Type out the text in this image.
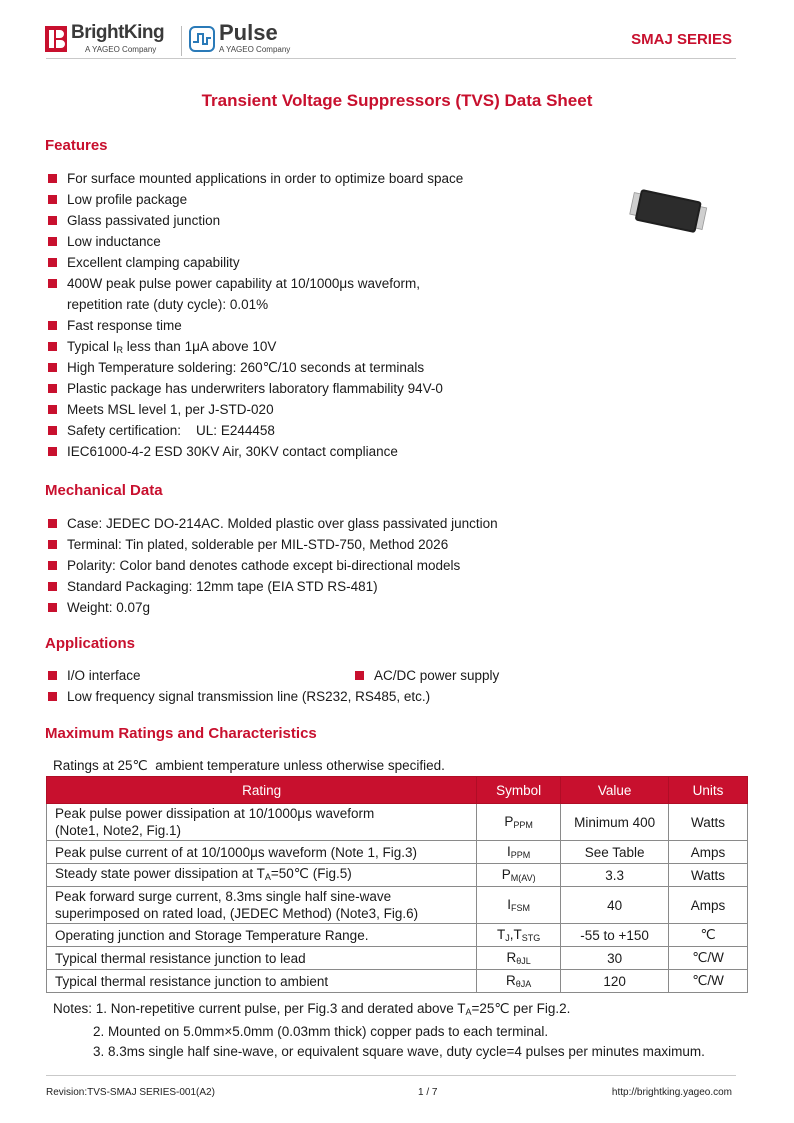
BrightKing
A YAGEO Company
Pulse
A YAGEO Company
SMAJ SERIES
Transient Voltage Suppressors (TVS) Data Sheet
Features
For surface mounted applications in order to optimize board space
Low profile package
Glass passivated junction
Low inductance
Excellent clamping capability
400W peak pulse power capability at 10/1000μs waveform,
repetition rate (duty cycle): 0.01%
Fast response time
Typical $I_R$ less than 1μA above 10V
High Temperature soldering: 260℃/10 seconds at terminals
Plastic package has underwriters laboratory flammability 94V-0
Meets MSL level 1, per J-STD-020
Safety certification:    UL: E244458
IEC61000-4-2 ESD 30KV Air, 30KV contact compliance
Mechanical Data
Case: JEDEC DO-214AC. Molded plastic over glass passivated junction
Terminal: Tin plated, solderable per MIL-STD-750, Method 2026
Polarity: Color band denotes cathode except bi-directional models
Standard Packaging: 12mm tape (EIA STD RS-481)
Weight: 0.07g
Applications
I/O interface	AC/DC power supply
Low frequency signal transmission line (RS232, RS485, etc.)
Maximum Ratings and Characteristics
Ratings at 25℃  ambient temperature unless otherwise specified.
Rating	Symbol	Value	Units
Peak pulse power dissipation at 10/1000μs waveform
(Note1, Note2, Fig.1)	$P_{PPM}$	Minimum 400	Watts
Peak pulse current of at 10/1000μs waveform (Note 1, Fig.3)	$I_{PPM}$	See Table	Amps
Steady state power dissipation at $T_A=50℃$ (Fig.5)	$P_{M(AV)}$	3.3	Watts
Peak forward surge current, 8.3ms single half sine-wave
superimposed on rated load, (JEDEC Method) (Note3, Fig.6)	$I_{FSM}$	40	Amps
Operating junction and Storage Temperature Range.	$T_J,T_{STG}$	-55 to +150	℃
Typical thermal resistance junction to lead	$R_{\theta JL}$	30	℃/W
Typical thermal resistance junction to ambient	$R_{\theta JA}$	120	℃/W
Notes: 1. Non-repetitive current pulse, per Fig.3 and derated above $T_A=25℃$ per Fig.2.
2. Mounted on 5.0mm×5.0mm (0.03mm thick) copper pads to each terminal.
3. 8.3ms single half sine-wave, or equivalent square wave, duty cycle=4 pulses per minutes maximum.
Revision:TVS-SMAJ SERIES-001(A2)	1 / 7	http://brightking.yageo.com
